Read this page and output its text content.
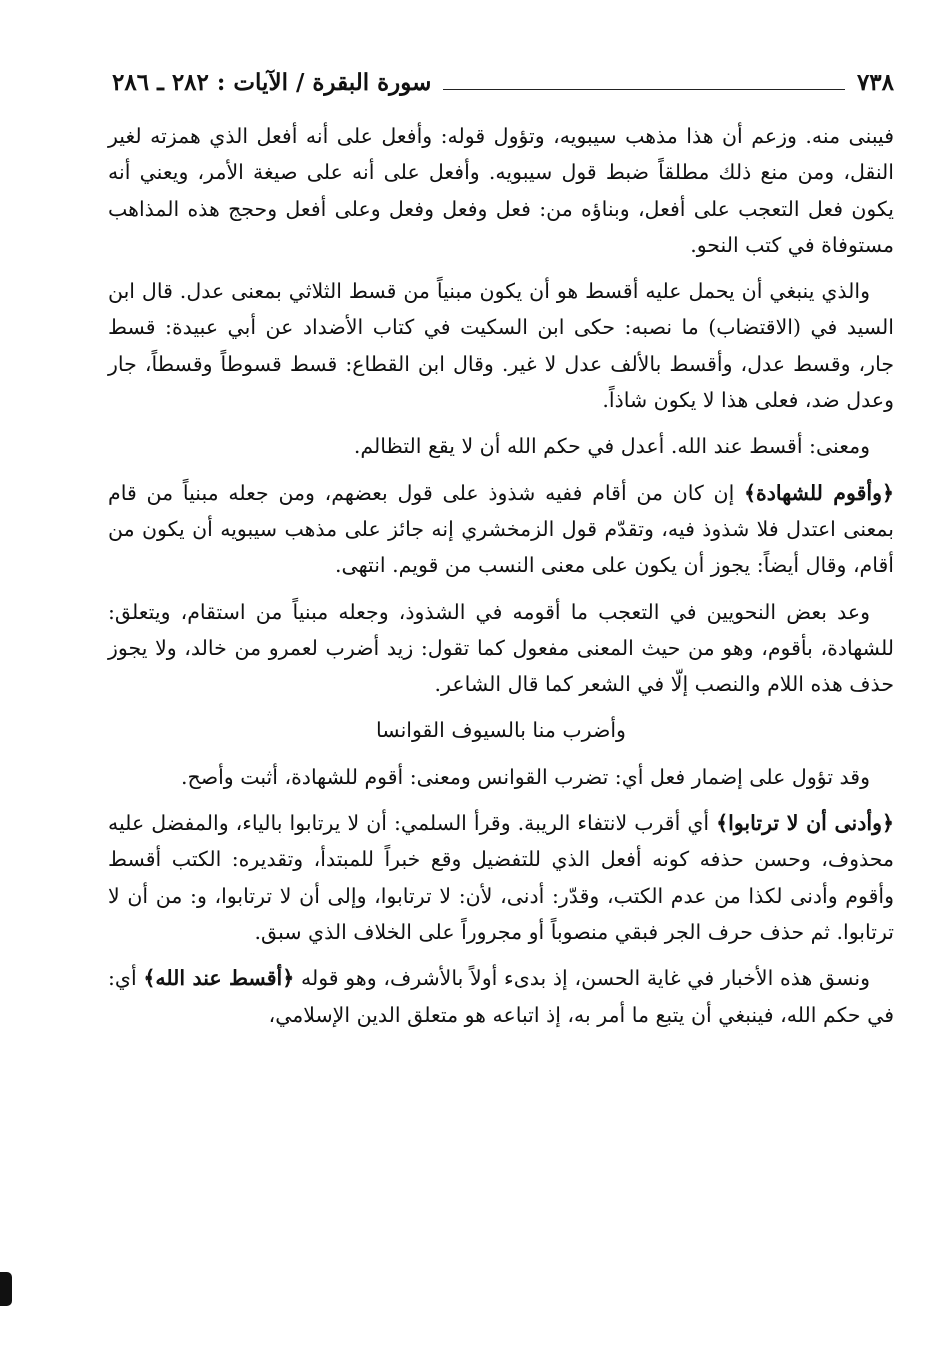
٧٣٨
سورة البقرة / الآيات : ٢٨٢ ـ ٢٨٦

فيبنى منه. وزعم أن هذا مذهب سيبويه، وتؤول قوله: وأفعل على أنه أفعل الذي همزته لغير النقل، ومن منع ذلك مطلقاً ضبط قول سيبويه. وأفعل على أنه على صيغة الأمر، ويعني أنه يكون فعل التعجب على أفعل، وبناؤه من: فعل وفعل وفعل وعلى أفعل وحجج هذه المذاهب مستوفاة في كتب النحو.

والذي ينبغي أن يحمل عليه أقسط هو أن يكون مبنياً من قسط الثلاثي بمعنى عدل. قال ابن السيد في (الاقتضاب) ما نصبه: حكى ابن السكيت في كتاب الأضداد عن أبي عبيدة: قسط جار، وقسط عدل، وأقسط بالألف عدل لا غير. وقال ابن القطاع: قسط قسوطاً وقسطاً، جار وعدل ضد، فعلى هذا لا يكون شاذاً.

ومعنى: أقسط عند الله. أعدل في حكم الله أن لا يقع التظالم.

﴿وأقوم للشهادة﴾ إن كان من أقام ففيه شذوذ على قول بعضهم، ومن جعله مبنياً من قام بمعنى اعتدل فلا شذوذ فيه، وتقدّم قول الزمخشري إنه جائز على مذهب سيبويه أن يكون من أقام، وقال أيضاً: يجوز أن يكون على معنى النسب من قويم. انتهى.

وعد بعض النحويين في التعجب ما أقومه في الشذوذ، وجعله مبنياً من استقام، ويتعلق: للشهادة، بأقوم، وهو من حيث المعنى مفعول كما تقول: زيد أضرب لعمرو من خالد، ولا يجوز حذف هذه اللام والنصب إلّا في الشعر كما قال الشاعر.

وأضرب منا بالسيوف القوانسا

وقد تؤول على إضمار فعل أي: تضرب القوانس ومعنى: أقوم للشهادة، أثبت وأصح.

﴿وأدنى أن لا ترتابوا﴾ أي أقرب لانتفاء الريبة. وقرأ السلمي: أن لا يرتابوا بالياء، والمفضل عليه محذوف، وحسن حذفه كونه أفعل الذي للتفضيل وقع خبراً للمبتدأ، وتقديره: الكتب أقسط وأقوم وأدنى لكذا من عدم الكتب، وقدّر: أدنى، لأن: لا ترتابوا، وإلى أن لا ترتابوا، و: من أن لا ترتابوا. ثم حذف حرف الجر فبقي منصوباً أو مجروراً على الخلاف الذي سبق.

ونسق هذه الأخبار في غاية الحسن، إذ بدىء أولاً بالأشرف، وهو قوله ﴿أقسط عند الله﴾ أي: في حكم الله، فينبغي أن يتبع ما أمر به، إذ اتباعه هو متعلق الدين الإسلامي،
